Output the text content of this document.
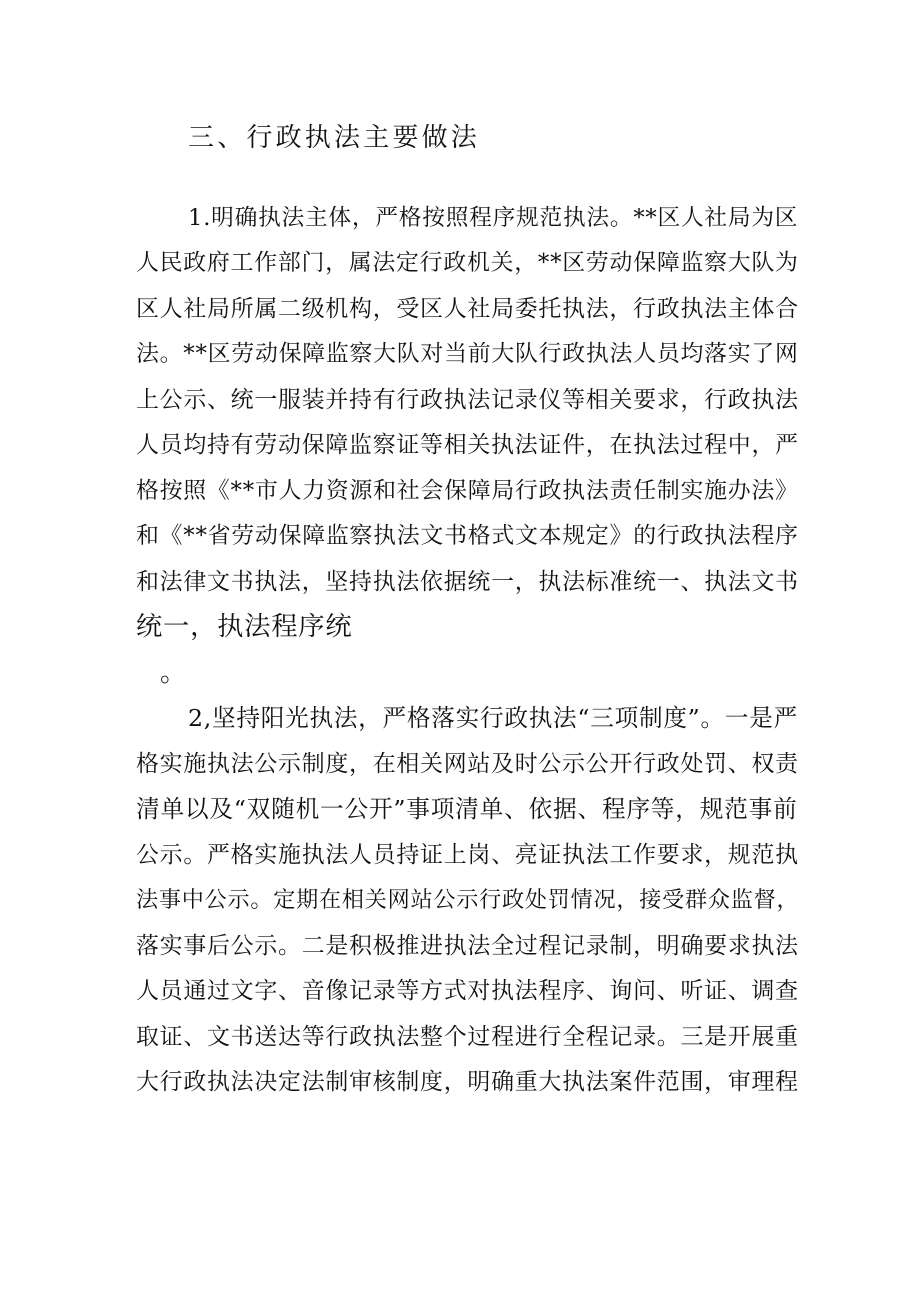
三、行政执法主要做法
1.明确执法主体，严格按照程序规范执法。**区人社局为区
人民政府工作部门，属法定行政机关，**区劳动保障监察大队为
区人社局所属二级机构，受区人社局委托执法，行政执法主体合
法。**区劳动保障监察大队对当前大队行政执法人员均落实了网
上公示、统一服装并持有行政执法记录仪等相关要求，行政执法
人员均持有劳动保障监察证等相关执法证件，在执法过程中，严
格按照《**市人力资源和社会保障局行政执法责任制实施办法》
和《**省劳动保障监察执法文书格式文本规定》的行政执法程序
和法律文书执法，坚持执法依据统一，执法标准统一、执法文书
统一，执法程序统
。
2,坚持阳光执法，严格落实行政执法“三项制度”。一是严
格实施执法公示制度，在相关网站及时公示公开行政处罚、权责
清单以及“双随机一公开”事项清单、依据、程序等，规范事前
公示。严格实施执法人员持证上岗、亮证执法工作要求，规范执
法事中公示。定期在相关网站公示行政处罚情况，接受群众监督，
落实事后公示。二是积极推进执法全过程记录制，明确要求执法
人员通过文字、音像记录等方式对执法程序、询问、听证、调查
取证、文书送达等行政执法整个过程进行全程记录。三是开展重
大行政执法决定法制审核制度，明确重大执法案件范围，审理程
